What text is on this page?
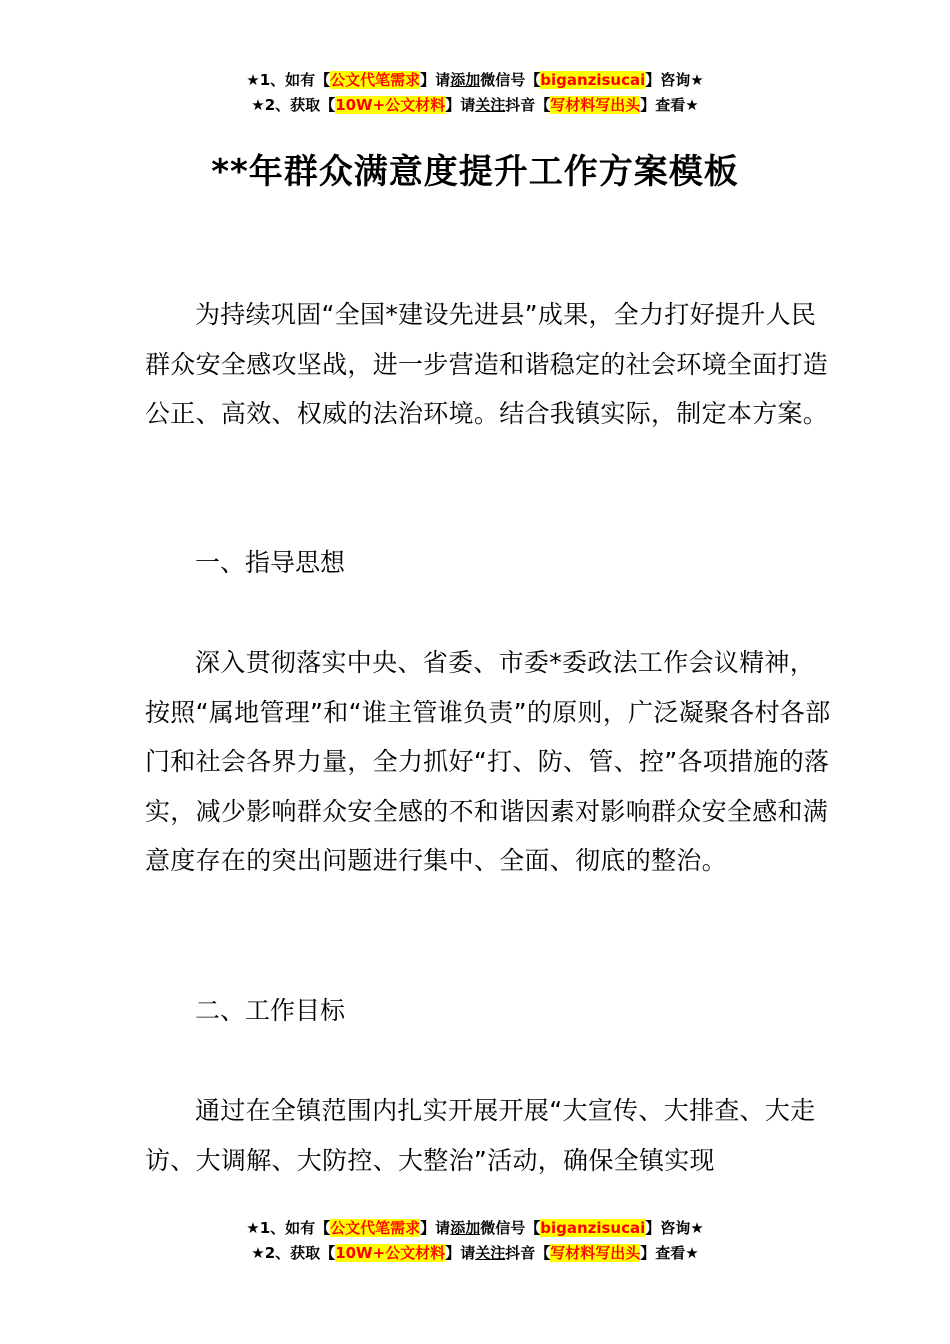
★1、如有【公文代笔需求】请添加微信号【biganzisucai】咨询★
★2、获取【10W+公文材料】请关注抖音【写材料写出头】查看★
**年群众满意度提升工作方案模板
为持续巩固“全国*建设先进县”成果，全力打好提升人民群众安全感攻坚战，进一步营造和谐稳定的社会环境全面打造公正、高效、权威的法治环境。结合我镇实际，制定本方案。
一、指导思想
深入贯彻落实中央、省委、市委*委政法工作会议精神，按照“属地管理”和“谁主管谁负责”的原则，广泛凝聚各村各部门和社会各界力量，全力抓好“打、防、管、控”各项措施的落实，减少影响群众安全感的不和谐因素对影响群众安全感和满意度存在的突出问题进行集中、全面、彻底的整治。
二、工作目标
通过在全镇范围内扎实开展开展“大宣传、大排查、大走访、大调解、大防控、大整治”活动，确保全镇实现
★1、如有【公文代笔需求】请添加微信号【biganzisucai】咨询★
★2、获取【10W+公文材料】请关注抖音【写材料写出头】查看★
